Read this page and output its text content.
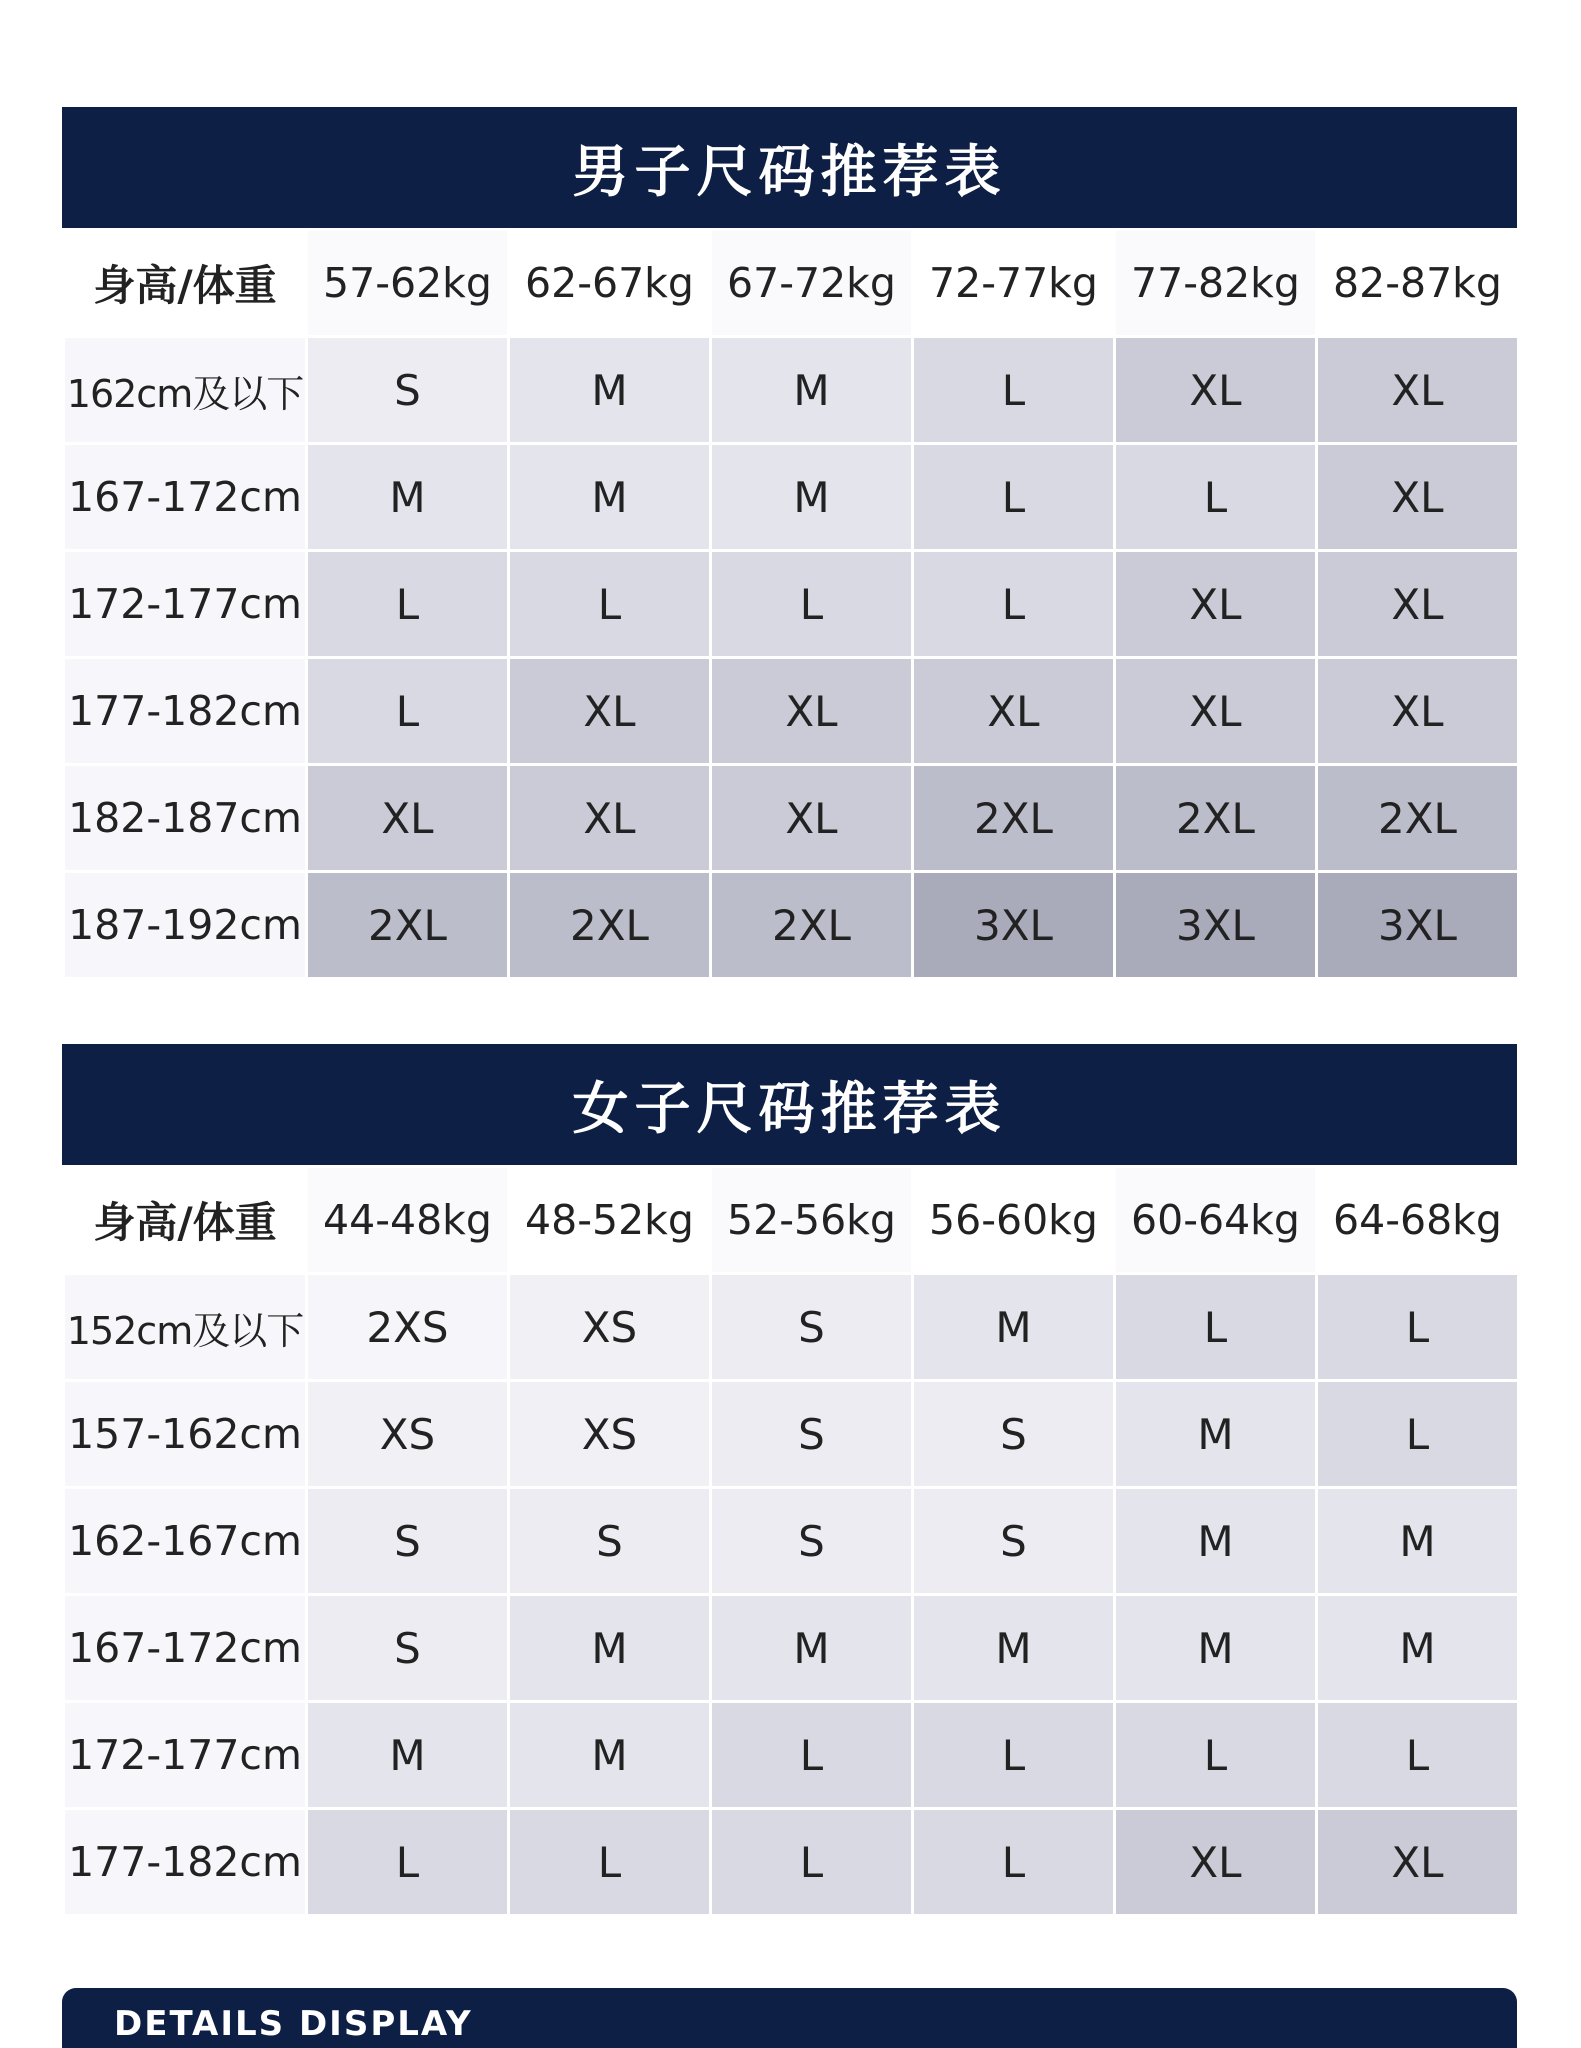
男子尺码推荐表
身高/体重	57-62kg	62-67kg	67-72kg	72-77kg	77-82kg	82-87kg
162cm及以下	S	M	M	L	XL	XL
167-172cm	M	M	M	L	L	XL
172-177cm	L	L	L	L	XL	XL
177-182cm	L	XL	XL	XL	XL	XL
182-187cm	XL	XL	XL	2XL	2XL	2XL
187-192cm	2XL	2XL	2XL	3XL	3XL	3XL
女子尺码推荐表
身高/体重	44-48kg	48-52kg	52-56kg	56-60kg	60-64kg	64-68kg
152cm及以下	2XS	XS	S	M	L	L
157-162cm	XS	XS	S	S	M	L
162-167cm	S	S	S	S	M	M
167-172cm	S	M	M	M	M	M
172-177cm	M	M	L	L	L	L
177-182cm	L	L	L	L	XL	XL
DETAILS DISPLAY
